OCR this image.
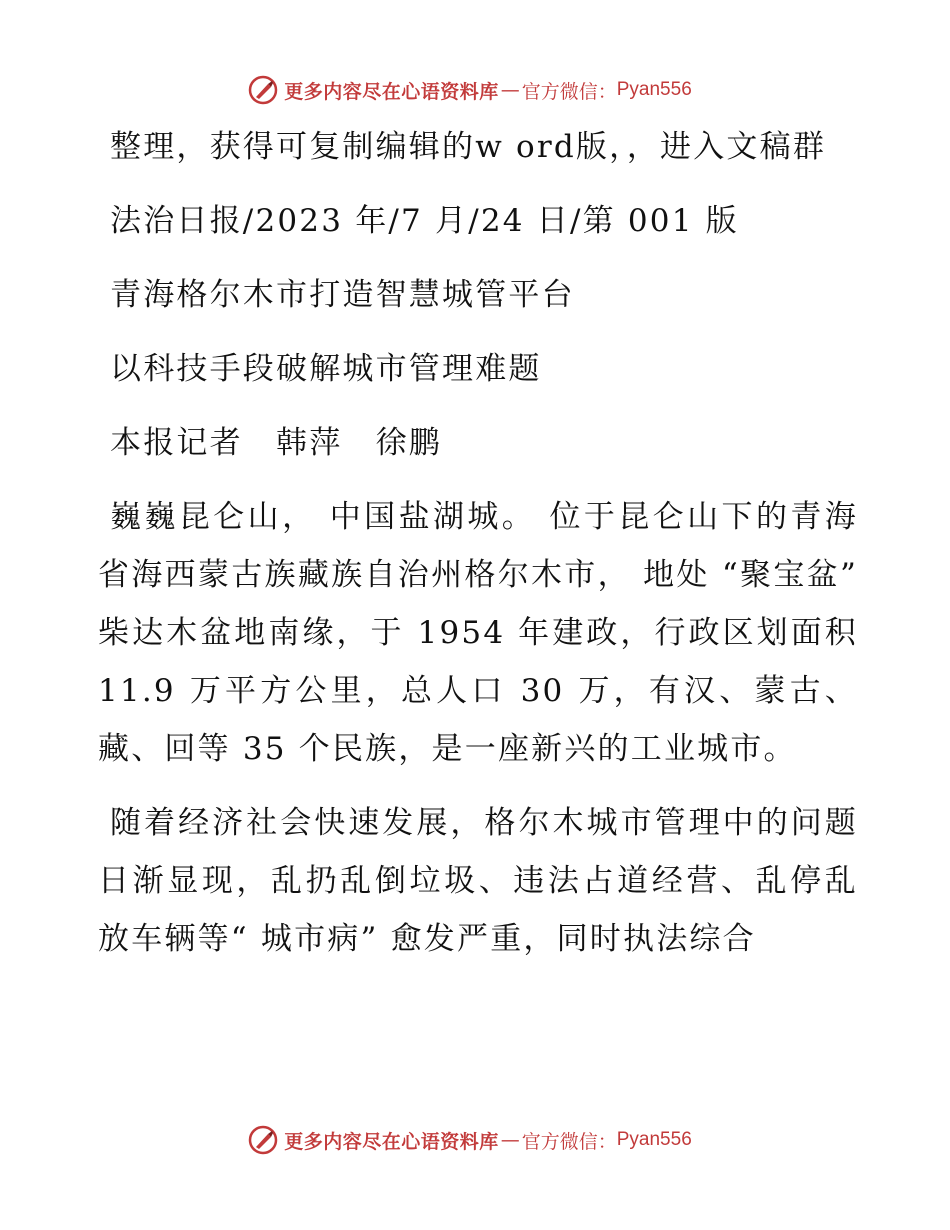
更多内容尽在心语资料库 — 官方微信： Pyan556

整理，获得可复制编辑的w ord版，，进入文稿群

法治日报/2023 年/7 月/24 日/第 001 版

青海格尔木市打造智慧城管平台

以科技手段破解城市管理难题

本报记者　韩萍　徐鹏

巍巍昆仑山， 中国盐湖城。 位于昆仑山下的青海省海西蒙古族藏族自治州格尔木市， 地处 “聚宝盆” 柴达木盆地南缘，于 1954 年建政，行政区划面积 11.9 万平方公里，总人口 30 万，有汉、蒙古、藏、回等 35 个民族，是一座新兴的工业城市。

随着经济社会快速发展，格尔木城市管理中的问题日渐显现，乱扔乱倒垃圾、违法占道经营、乱停乱放车辆等“ 城市病” 愈发严重，同时执法综合

更多内容尽在心语资料库 — 官方微信： Pyan556
